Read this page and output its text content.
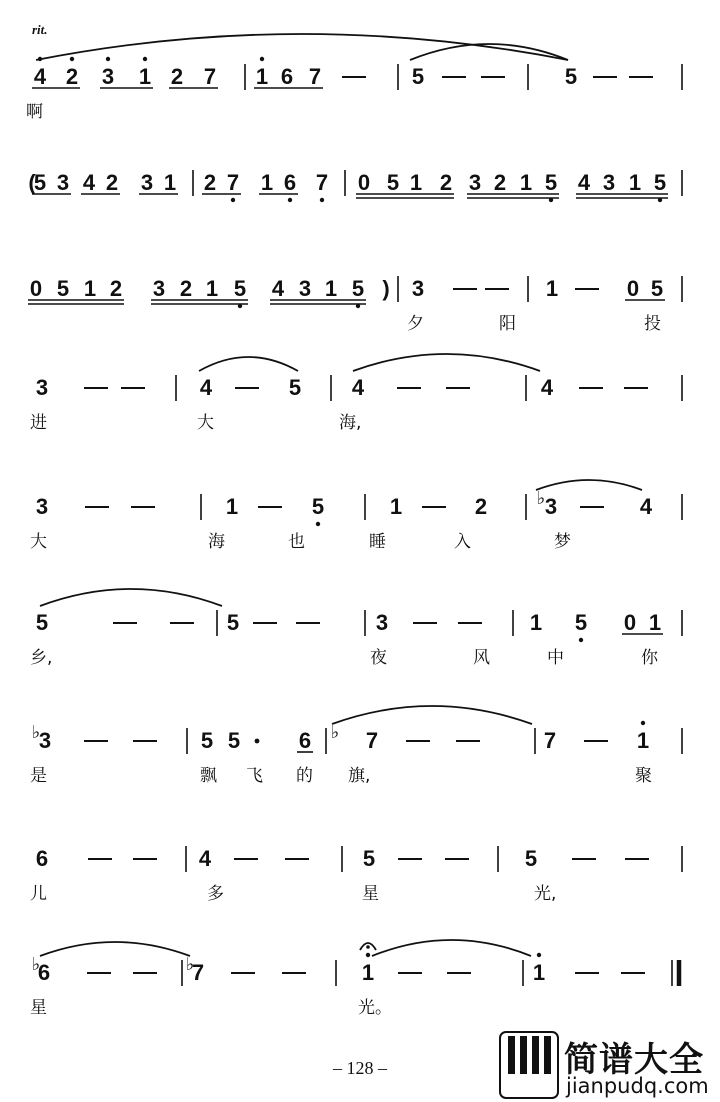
4 2 3 1 2 7 1 6 7	5	5
(
5 3 4 2 3 1 2 7 1 6 7 0 5 1 2 3 2 1 5 4 3 1 5
0 5 1 2 3 2 1 5 4 3 1 5 ) 3	1	0 5
3	4	5 4	4
3	1	5	1	2	♭ 3	4
5	5	3	1 5 0 1
♭
3	5 5	6 ♭ 7	7	1
6	4	5	5
♭
6	♭
7	1	1
rit.
啊
夕	阳	投
进	大	海,
大	海	也	睡	入	梦
乡,	夜	风	中	你
是	飘 飞 的 旗,	聚
儿	多	星	光,
星	光。
– 128 –	简谱大全
jianpudq.com
